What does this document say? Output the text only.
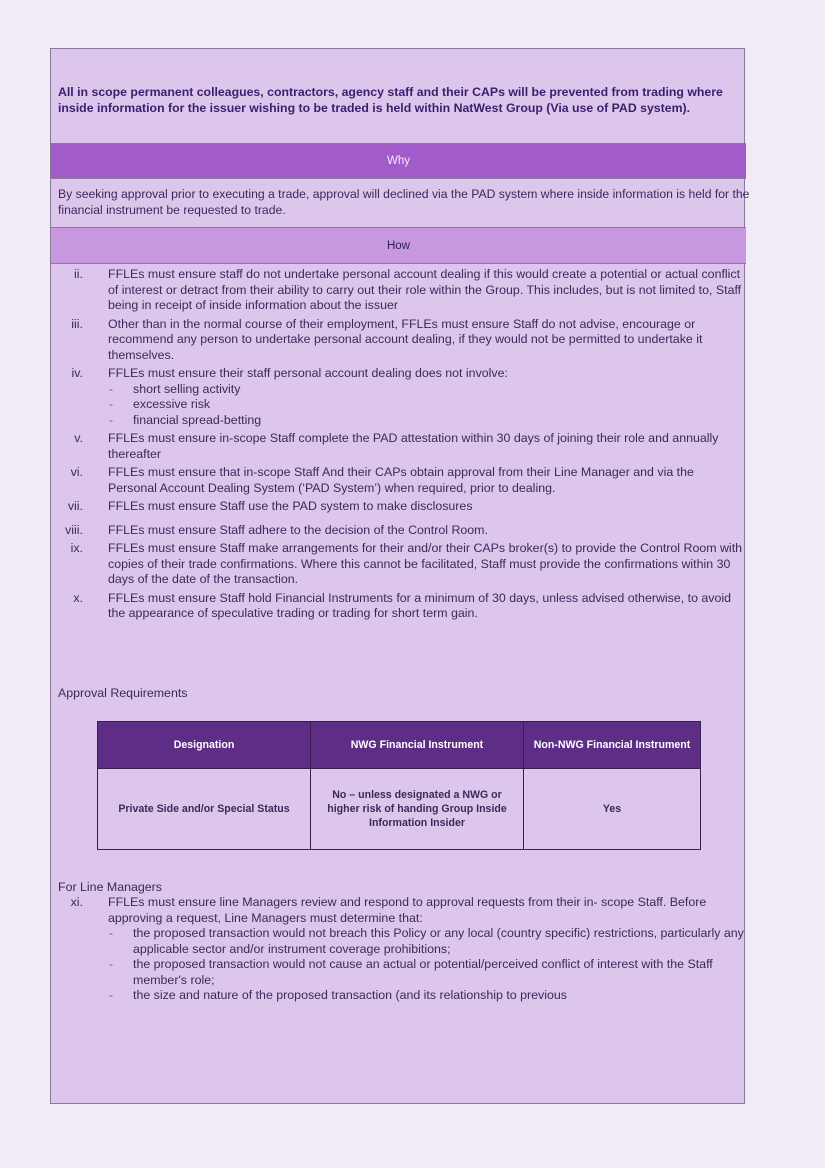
All in scope permanent colleagues, contractors, agency staff and their CAPs will be prevented from trading where inside information for the issuer wishing to be traded is held within NatWest Group (Via use of PAD system).
Why
By seeking approval prior to executing a trade, approval will declined via the PAD system where inside information is held for the financial instrument be requested to trade.
How
ii. FFLEs must ensure staff do not undertake personal account dealing if this would create a potential or actual conflict of interest or detract from their ability to carry out their role within the Group. This includes, but is not limited to, Staff being in receipt of inside information about the issuer
iii. Other than in the normal course of their employment, FFLEs must ensure Staff do not advise, encourage or recommend any person to undertake personal account dealing, if they would not be permitted to undertake it themselves.
iv. FFLEs must ensure their staff personal account dealing does not involve:
- short selling activity
- excessive risk
- financial spread-betting
v. FFLEs must ensure in-scope Staff complete the PAD attestation within 30 days of joining their role and annually thereafter
vi. FFLEs must ensure that in-scope Staff And their CAPs obtain approval from their Line Manager and via the Personal Account Dealing System (‘PAD System’) when required, prior to dealing.
vii. FFLEs must ensure Staff use the PAD system to make disclosures
viii. FFLEs must ensure Staff adhere to the decision of the Control Room.
ix. FFLEs must ensure Staff make arrangements for their and/or their CAPs broker(s) to provide the Control Room with copies of their trade confirmations. Where this cannot be facilitated, Staff must provide the confirmations within 30 days of the date of the transaction.
x. FFLEs must ensure Staff hold Financial Instruments for a minimum of 30 days, unless advised otherwise, to avoid the appearance of speculative trading or trading for short term gain.
Approval Requirements
Designation	NWG Financial Instrument	Non-NWG Financial Instrument
Private Side and/or Special Status	No – unless designated a NWG or higher risk of handing Group Inside Information Insider	Yes
For Line Managers
xi. FFLEs must ensure line Managers review and respond to approval requests from their in- scope Staff. Before approving a request, Line Managers must determine that:
- the proposed transaction would not breach this Policy or any local (country specific) restrictions, particularly any applicable sector and/or instrument coverage prohibitions;
- the proposed transaction would not cause an actual or potential/perceived conflict of interest with the Staff member's role;
- the size and nature of the proposed transaction (and its relationship to previous
